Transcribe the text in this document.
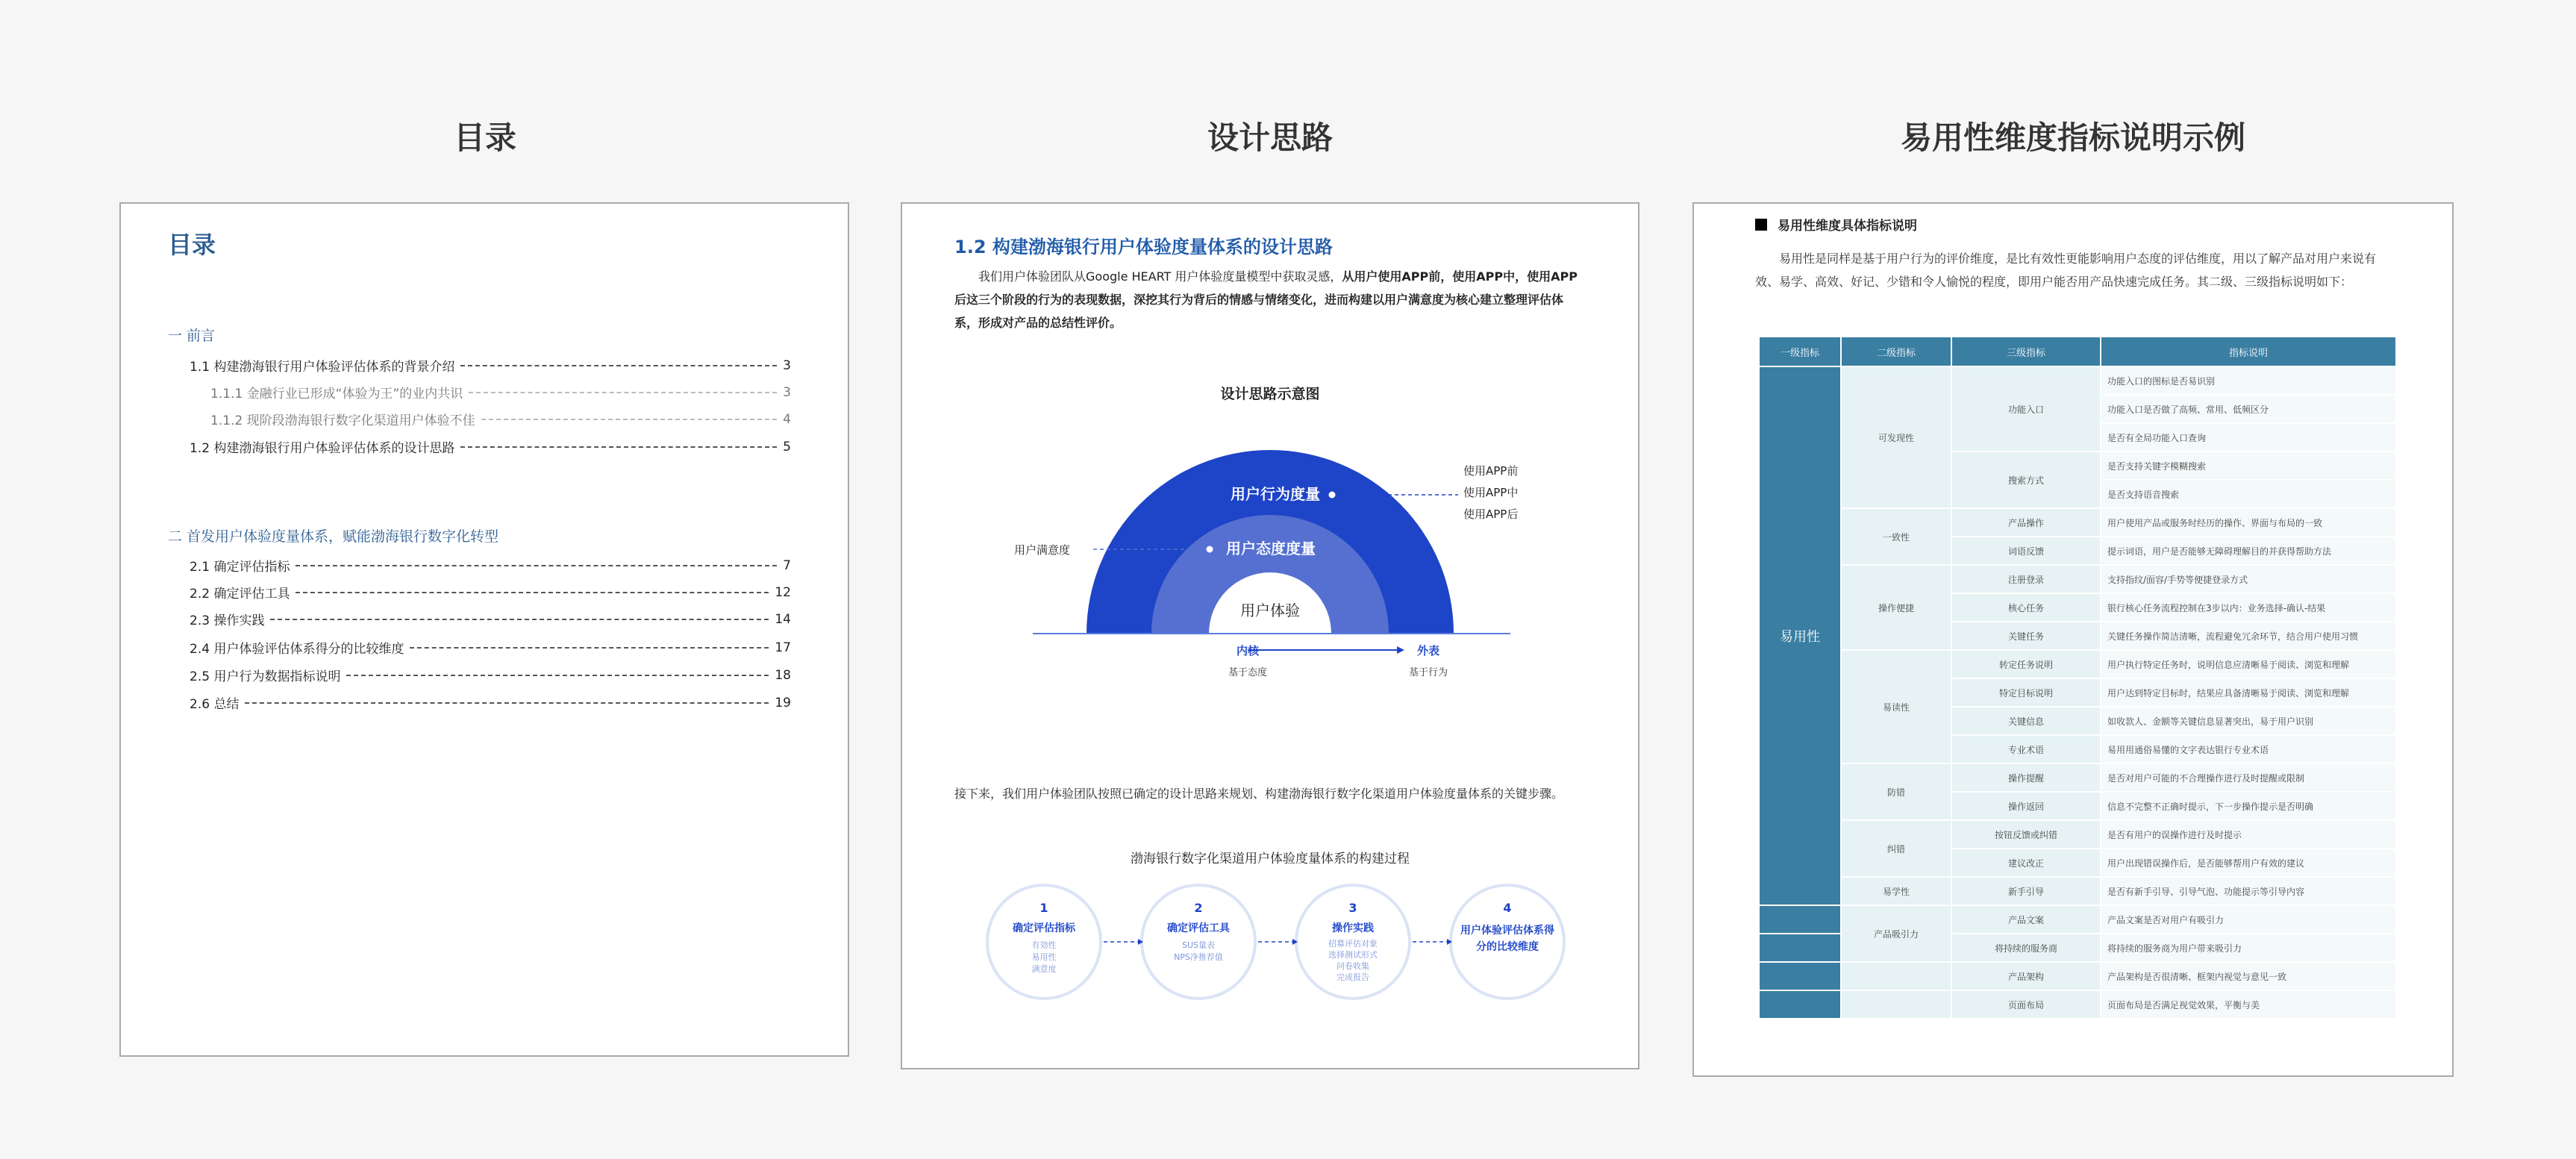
目录	设计思路	易用性维度指标说明示例
目录
一 前言
1.1 构建渤海银行用户体验评估体系的背景介绍	3
1.1.1 金融行业已形成“体验为王”的业内共识	3
1.1.2 现阶段渤海银行数字化渠道用户体验不佳	4
1.2 构建渤海银行用户体验评估体系的设计思路	5
二 首发用户体验度量体系，赋能渤海银行数字化转型
2.1 确定评估指标	7
2.2 确定评估工具	12
2.3 操作实践	14
2.4 用户体验评估体系得分的比较维度	17
2.5 用户行为数据指标说明	18
2.6 总结	19
1.2 构建渤海银行用户体验度量体系的设计思路
我们用户体验团队从Google HEART 用户体验度量模型中获取灵感，从用户使用APP前，使用APP中，使用APP后这三个阶段的行为的表现数据，深挖其行为背后的情感与情绪变化，进而构建以用户满意度为核心建立整理评估体系，形成对产品的总结性评价。
设计思路示意图
用户行为度量
用户态度度量
用户体验
用户满意度
使用APP前
使用APP中
使用APP后
内核	外表
基于态度	基于行为
1
确定评估指标
有効性
易用性
满意度
2
确定评估工具
SUS量表
NPS净推荐值
3
操作实践
招募评估对象
选择测试形式
问卷收集
完成报告
4
用户体验评估体系得分的比较维度
接下来，我们用户体验团队按照已确定的设计思路来规划、构建渤海银行数字化渠道用户体验度量体系的关键步骤。
渤海银行数字化渠道用户体验度量体系的构建过程
易用性维度具体指标说明
易用性是同样是基于用户行为的评价维度，是比有效性更能影响用户态度的评估维度，用以了解产品对用户来说有效、易学、高效、好记、少错和令人愉悦的程度，即用户能否用产品快速完成任务。其二级、三级指标说明如下：
一级指标	二级指标	三级指标	指标说明
易用性	可发现性	功能入口	功能入口的图标是否易识别
			功能入口是否做了高频、常用、低频区分
			是否有全局功能入口查询
		搜索方式	是否支持关键字模糊搜索
			是否支持语音搜索
	一致性	产品操作	用户使用产品或服务时经历的操作、界面与布局的一致
		词语反馈	提示词语，用户是否能够无障碍理解目的并获得帮助方法
	操作便捷	注册登录	支持指纹/面容/手势等便捷登录方式
		核心任务	银行核心任务流程控制在3步以内：业务选择-确认-结果
		关键任务	关键任务操作简洁清晰，流程避免冗余环节，结合用户使用习惯
	易读性	转定任务说明	用户执行特定任务时，说明信息应清晰易于阅读、浏览和理解
		特定目标说明	用户达到特定目标时，结果应具备清晰易于阅读、浏览和理解
		关键信息	如收款人、金额等关键信息显著突出，易于用户识别
		专业术语	易用用通俗易懂的文字表达银行专业术语
	防错	操作提醒	是否对用户可能的不合理操作进行及时提醒或限制
		操作返回	信息不完整不正确时提示，下一步操作提示是否明确
	纠错	按钮反馈或纠错	是否有用户的误操作进行及时提示
		建议改正	用户出现错误操作后，是否能够帮用户有效的建议
	易学性	新手引导	是否有新手引导、引导气泡、功能提示等引导内容
	产品吸引力	产品文案	产品文案是否对用户有吸引力
		将持续的服务商	将持续的服务商为用户带来吸引力
		产品架构	产品架构是否很清晰、框架内视觉与意见一致
		页面布局	页面布局是否满足视觉效果，平衡与美
